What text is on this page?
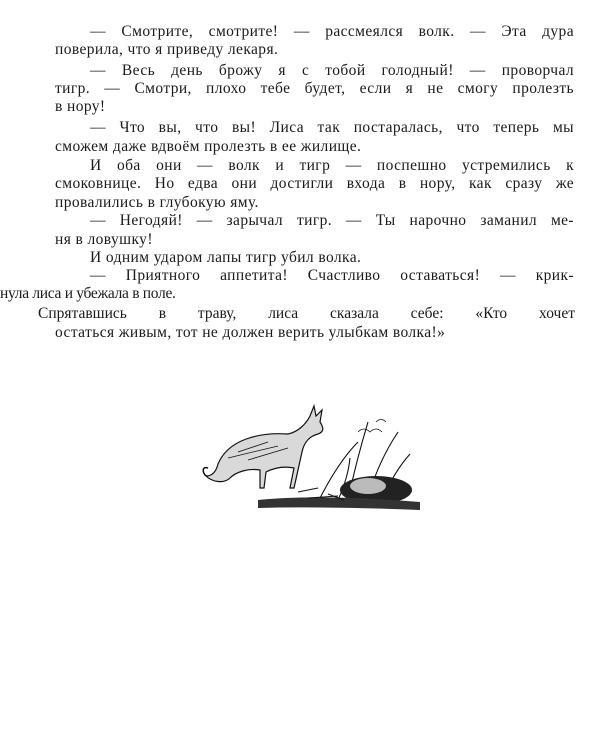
— Смотрите, смотрите! — рассмеялся волк. — Эта дура
поверила, что я приведу лекаря.
— Весь день брожу я с тобой голодный! — проворчал
тигр. — Смотри, плохо тебе будет, если я не смогу пролезть
в нору!
— Что вы, что вы! Лиса так постаралась, что теперь мы
сможем даже вдвоём пролезть в ее жилище.
И оба они — волк и тигр — поспешно устремились к
смоковнице. Но едва они достигли входа в нору, как сразу же
провалились в глубокую яму.
— Негодяй! — зарычал тигр. — Ты нарочно заманил ме-
ня в ловушку!
И одним ударом лапы тигр убил волка.
— Приятного аппетита! Счастливо оставаться! — крик-
нула лиса и убежала в поле.
Спрятавшись в траву, лиса сказала себе: «Кто хочет
остаться живым, тот не должен верить улыбкам волка!»
